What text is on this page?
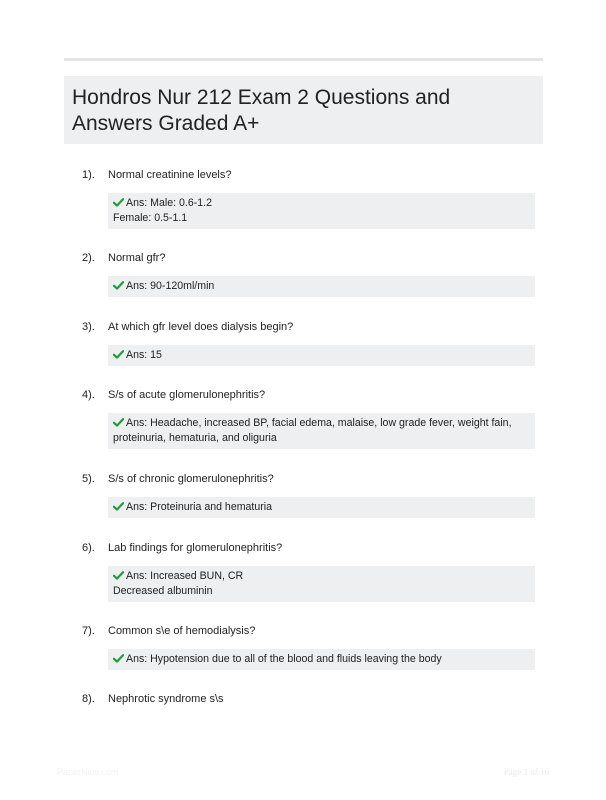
Hondros Nur 212 Exam 2 Questions and Answers Graded A+
1). Normal creatinine levels?
Ans: Male: 0.6-1.2
Female: 0.5-1.1
2). Normal gfr?
Ans: 90-120ml/min
3). At which gfr level does dialysis begin?
Ans: 15
4). S/s of acute glomerulonephritis?
Ans: Headache, increased BP, facial edema, malaise, low grade fever, weight fain,
proteinuria, hematuria, and oliguria
5). S/s of chronic glomerulonephritis?
Ans: Proteinuria and hematuria
6). Lab findings for glomerulonephritis?
Ans: Increased BUN, CR
Decreased albuminin
7). Common s\e of hemodialysis?
Ans: Hypotension due to all of the blood and fluids leaving the body
8). Nephrotic syndrome s\s
PaperNibs.com	Page 1 of 16
